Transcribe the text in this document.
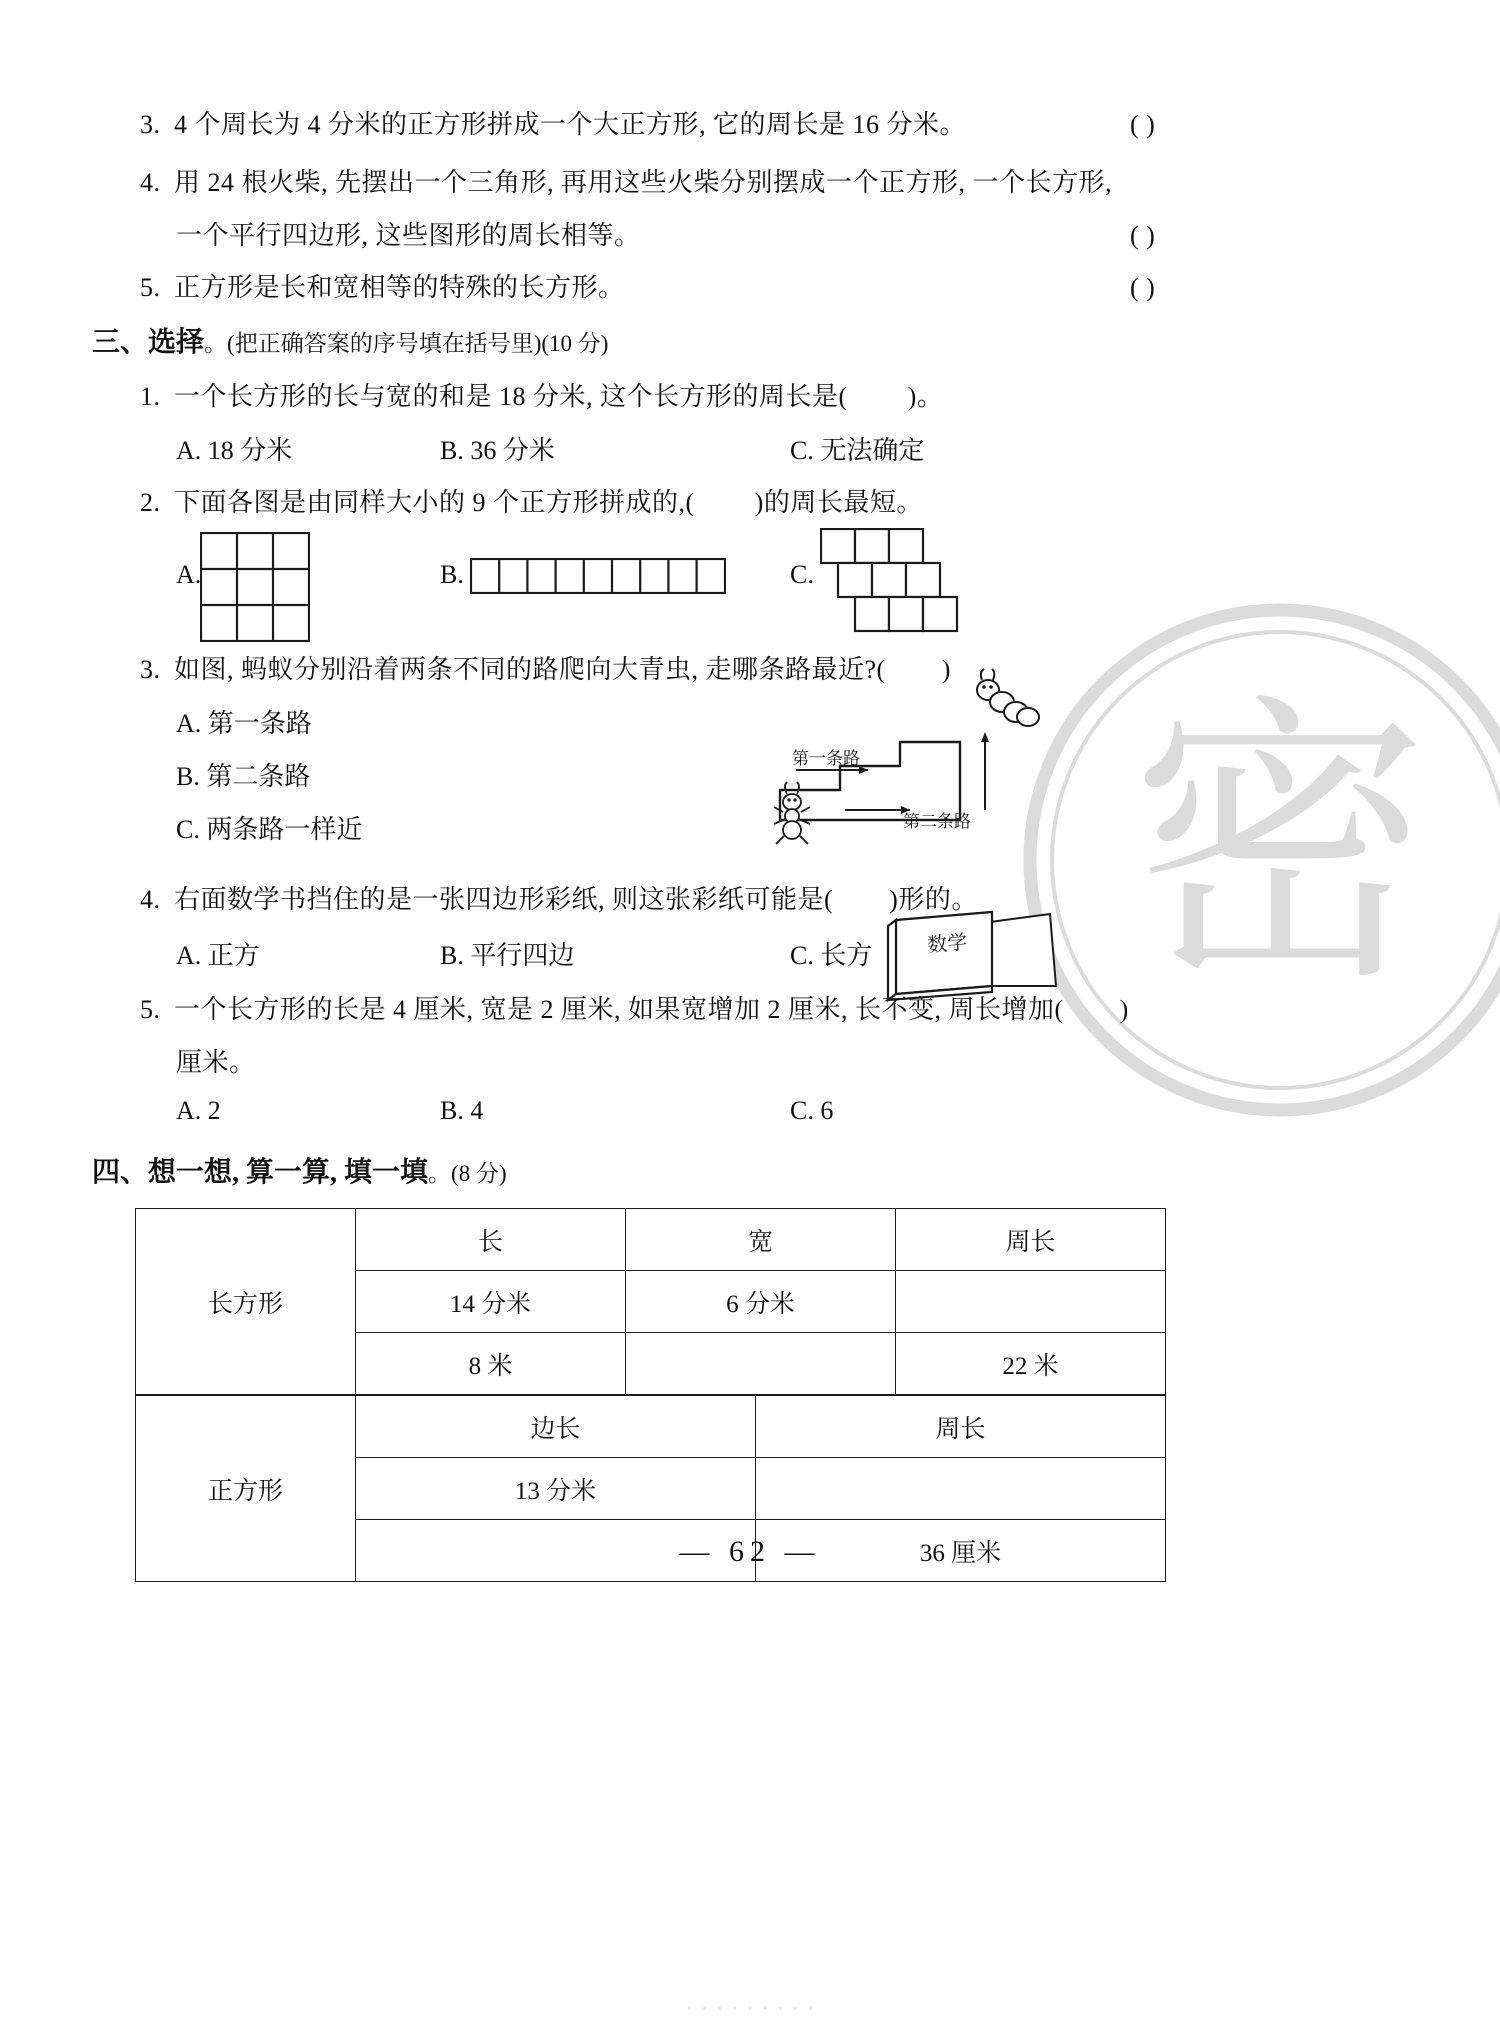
密
3. 4 个周长为 4 分米的正方形拼成一个大正方形, 它的周长是 16 分米。	( )
4. 用 24 根火柴, 先摆出一个三角形, 再用这些火柴分别摆成一个正方形, 一个长方形,
一个平行四边形, 这些图形的周长相等。	( )
5. 正方形是长和宽相等的特殊的长方形。	( )
三、选择。(把正确答案的序号填在括号里)(10 分)
1. 一个长方形的长与宽的和是 18 分米, 这个长方形的周长是( )。
A. 18 分米	B. 36 分米	C. 无法确定
2. 下面各图是由同样大小的 9 个正方形拼成的,( )的周长最短。
A.	B.	C.
3. 如图, 蚂蚁分别沿着两条不同的路爬向大青虫, 走哪条路最近?( )
A. 第一条路
B. 第二条路
C. 两条路一样近
第一条路
第二条路
4. 右面数学书挡住的是一张四边形彩纸, 则这张彩纸可能是( )形的。
A. 正方	B. 平行四边	C. 长方	数学
5. 一个长方形的长是 4 厘米, 宽是 2 厘米, 如果宽增加 2 厘米, 长不变, 周长增加( )
厘米。
A. 2	B. 4	C. 6
四、想一想, 算一算, 填一填。(8 分)
长方形	长	宽	周长
	14 分米	6 分米	
	8 米		22 米
正方形	边长	周长
	13 分米	
		36 厘米
— 62 —
· · · · · · · · ·
